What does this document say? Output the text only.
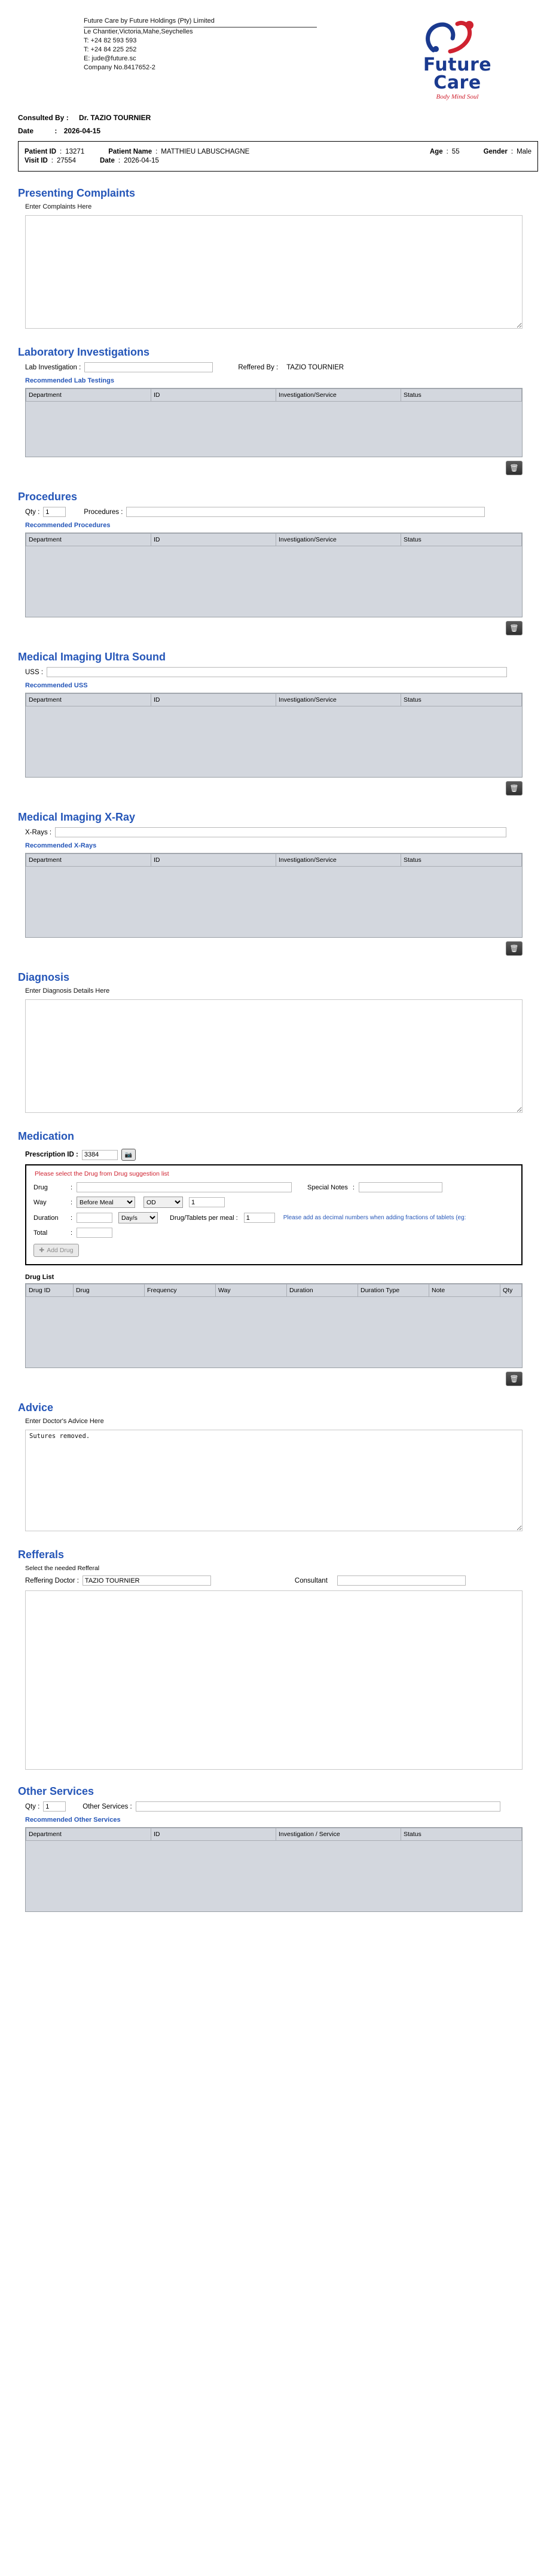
Future Care by Future Holdings (Pty) Limited
Le Chantier,Victoria,Mahe,Seychelles
T: +24 82 593 593
T: +24 84 225 252
E: jude@future.sc
Company No.8417652-2	Future
Care
Body Mind Soul
Consulted By : Dr. TAZIO TOURNIER
Date	: 2026-04-15
Patient ID : 13271	Patient Name : MATTHIEU LABUSCHAGNE	Age : 55	Gender : Male
Visit ID : 27554	Date : 2026-04-15
Presenting Complaints
Enter Complaints Here
Laboratory Investigations
Lab Investigation :	Reffered By : TAZIO TOURNIER
Recommended Lab Testings
Department	ID	Investigation/Service	Status
🗑
Procedures
Qty :
1	Procedures :
Recommended Procedures
Department	ID	Investigation/Service	Status
🗑
Medical Imaging Ultra Sound
USS :
Recommended USS
Department	ID	Investigation/Service	Status
🗑
Medical Imaging X-Ray
X-Rays :
Recommended X-Rays
Department	ID	Investigation/Service	Status
🗑
Diagnosis
Enter Diagnosis Details Here
Medication
Prescription ID :
3384	📷
Please select the Drug from Drug suggestion list
Drug	:	Special Notes :
Way	:
Before Meal
OD
1
Duration	:
Day/s	Drug/Tablets per meal :
1	Please add as decimal numbers when adding fractions of tablets (eg:
Total	:
✚ Add Drug
Drug List
Drug ID	Drug	Frequency	Way	Duration	Duration Type	Note	Qty
🗑
Advice
Enter Doctor's Advice Here
Sutures removed.
Refferals
Select the needed Refferal
Reffering Doctor :
TAZIO TOURNIER	Consultant
Other Services
Qty :
1	Other Services :
Recommended Other Services
Department	ID	Investigation / Service	Status
